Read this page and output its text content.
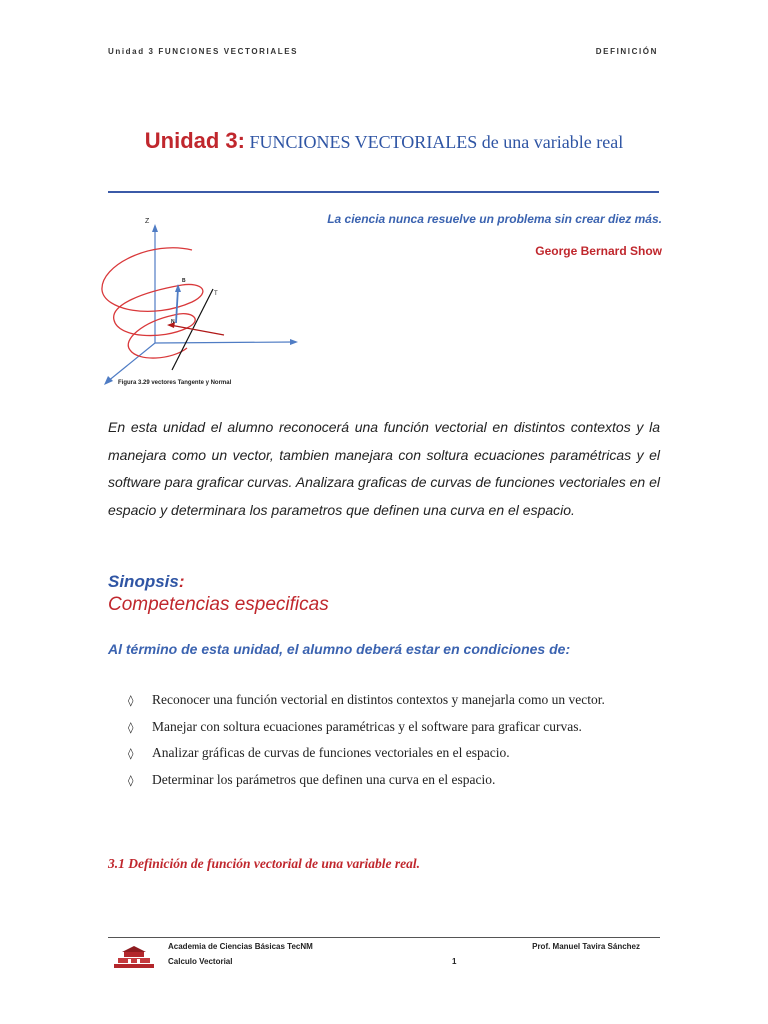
Unidad 3 FUNCIONES VECTORIALES	DEFINICIÓN
Unidad 3: FUNCIONES VECTORIALES de una variable real
Z
B
T
N
Figura 3.29 vectores Tangente y Normal
La ciencia nunca resuelve un problema sin crear diez más.
George Bernard Show
En esta unidad el alumno reconocerá una función vectorial en distintos contextos y la manejara como un vector, tambien manejara con soltura ecuaciones paramétricas y el software para graficar curvas. Analizara graficas de curvas de funciones vectoriales en el espacio y determinara los parametros que definen una curva en el espacio.
Sinopsis:
Competencias especificas
Al término de esta unidad, el alumno deberá estar en condiciones de:
◊	Reconocer una función vectorial en distintos contextos y manejarla como un vector.
◊	Manejar con soltura ecuaciones paramétricas y el software para graficar curvas.
◊	Analizar gráficas de curvas de funciones vectoriales en el espacio.
◊	Determinar los parámetros que definen una curva en el espacio.
3.1 Definición de función vectorial de una variable real.
Academia de Ciencias Básicas TecNM
Calculo Vectorial
Prof. Manuel Tavira Sánchez
1
